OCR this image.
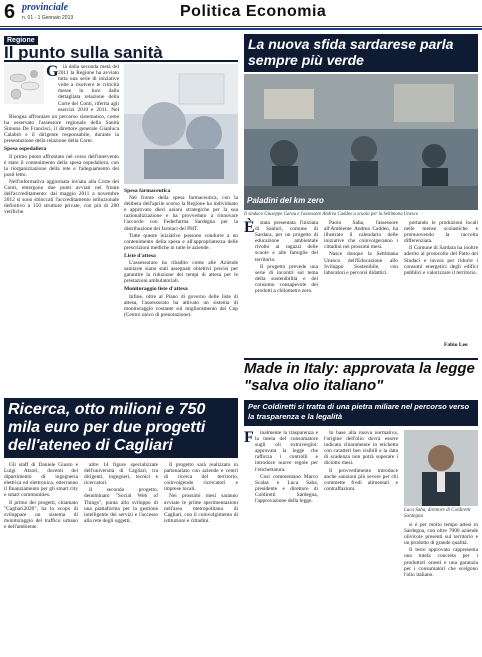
6 provinciale
n. 01 - 1 Gennaio 2013	Politica Economia
Regione
Il punto sulla sanità
G ià dalla seconda metà del 2011 la Regione ha avviato tutta una serie di iniziative volte a risolvere le criticità messe in luce dalla dettagliata relazione della Corte dei Conti, riferita agli esercizi 2010 e 2011. Nel

Bisogna affrontare un percorso sistematico, come ha osservato l'assessore regionale della Sanità Simona De Francisci, il direttore generale Gianluca Calabrò e il dirigente responsabile, durante la presentazione della relazione della Corte.

Spesa ospedaliera

Il primo punto affrontato nel corso dell'intervento è stato il contenimento della spesa ospedaliera, con la riorganizzazione della rete e l'adeguamento dei posti letto.

Nell'informativa aggiornata inviata alla Corte dei Conti, emergono due punti avviati nel fronte dell'accreditamento: dal maggio 2011 a novembre 2012 si sono sbloccati l'accreditamento istituzionale definitivo a 150 strutture private, con più di 200 verifiche.

Spesa farmaceutica

Nel fronte della spesa farmaceutica, con la delibera dell'aprile scorso la Regione ha individuato e approvato dieci azioni strategiche per la sua razionalizzazione e ha provveduto a rinnovare l'accordo con Federfarma Sardegna per la distribuzione dei farmaci del PHT.

Tutte queste iniziative possono condurre a un contenimento della spesa e all'appropriatezza delle prescrizioni mediche in tutte le aziende.

Liste d'attesa

L'assessorato ha ribadito come alle Aziende sanitarie siano stati assegnati obiettivi precisi per garantire la riduzione dei tempi di attesa per le prestazioni ambulatoriali.

Monitoraggio liste d'attesa

Infine, oltre al Piano di governo delle liste di attesa, l'assessorato ha attivato un sistema di monitoraggio costante sul miglioramento dei Cup (Centro unico di prenotazione).

La nuova sfida sardarese parla sempre più verde
Paladini del km zero
Il sindaco Giuseppe Garau e l'assessore Andrea Caddeo a scuola per la Settimana Unesco
È stata presentata l'iniziata di Sanluri, comune di Sardara, per un progetto di educazione ambientale rivolto ai ragazzi delle scuole e alle famiglie del territorio.

Il progetto prevede una serie di incontri sul tema della sostenibilità e del consumo consapevole dei prodotti a chilometro zero.

Paolo Saba, l'assessore all'Ambiente Andrea Caddeo, ha illustrato il calendario delle iniziative che coinvolgeranno i cittadini nei prossimi mesi.

Nasce dunque la Settimana Unesco dell'Educazione allo Sviluppo Sostenibile, con laboratori e percorsi didattici.

portando le produzioni locali nelle mense scolastiche e promuovendo la raccolta differenziata.

Il Comune di Sardara ha inoltre aderito al protocollo del Patto dei Sindaci e lavora per ridurre i consumi energetici degli edifici pubblici e valorizzare il territorio.

Fabio Leo
Ricerca, otto milioni e 750 mila euro per due progetti dell'ateneo di Cagliari

Gli staff di Daniele Giusto e Luigi Atzori, docenti del dipartimento di ingegneria elettrica ed elettronica, otterranno il finanziamento per gli smart city e smart communities.

Il primo dei progetti, chiamato "Cagliari2020", ha lo scopo di sviluppare un sistema di monitoraggio del traffico urbano e dell'ambiente.

altre 14 figure specializzate dell'università di Cagliari, tra dirigenti, ingegneri, tecnici e ricercatori.

Il secondo progetto, denominato "Social Web of Things", punta allo sviluppo di una piattaforma per la gestione intelligente dei servizi e l'accesso alla rete degli oggetti.

Il progetto sarà realizzato in partenariato con aziende e centri di ricerca del territorio, coinvolgendo ricercatori e imprese locali.

Nei prossimi mesi saranno avviate le prime sperimentazioni nell'area metropolitana di Cagliari, con il coinvolgimento di istituzioni e cittadini.

Made in Italy: approvata la legge "salva olio italiano"
Per Coldiretti si tratta di una pietra miliare nel percorso verso la trasparenza e la legalità
F	inalmente la trasparenza e la tutela del consumatore sugli oli extravergini: approvata la legge che rafforza i controlli e introduce nuove regole per l'etichettatura.

Così commentano Marco Scalas e Luca Saba, presidente e direttore di Coldiretti Sardegna, l'approvazione della legge.

In base alla nuova normativa, l'origine dell'olio dovrà essere indicata chiaramente in etichetta con caratteri ben visibili e la data di scadenza non potrà superare i diciotto mesi.

Il provvedimento introduce anche sanzioni più severe per chi commette frodi alimentari e contraffazioni.

Luca Saba, direttore di Coldiretti Sardegna

si è per molto tempo attesi in Sardegna, con oltre 7000 aziende olivicole presenti sul territorio e un prodotto di grande qualità.

Il testo approvato rappresenta una tutela concreta per i produttori onesti e una garanzia per i consumatori che scelgono l'olio italiano.
